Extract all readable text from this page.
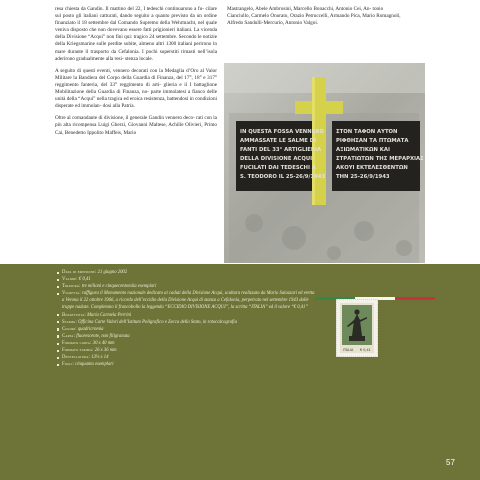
resa chiesta da Gandin. Il mattino del 22, I tedeschi continuarono a fu- cilare sul posto gli italiani catturati, dando seguito a quanto previsto da un ordine finanziato il 18 settembre dal Comando Supremo della Wehrmacht, nel quale veniva disposto che non dovevano essere fatti prigionieri italiani. La vicenda della Divisione “Acqui” non finì qui: tragico 24 settembre. Secondo le notizie della Kriegsmarine sulle perdite subite, almeno altri 1300 italiani perirono in mare durante il trasporto da Cefalonia. I pochi superstiti rimasti nell’isola aderirono gradualmente alla resi- stenza locale.

A seguito di questi eventi, vennero decorati con la Medaglia d’Oro al Valor Militare la Bandiera del Corpo della Guardia di Finanza, del 17°, 18° e 317° reggimento fanteria, del 33° reggimento di arti- glieria e il I battaglione Mobilitazione della Guardia di Finanza, no- parte immolatesi a fianco delle unità della “Acqui” nella tragica ed eroica resistenza, battendosi in condizioni disperate ed immolan- dosi alla Patria.

Oltre al comandante di divisione, il generale Gandin vennero deco- rati con la più alta ricompensa Luigi Gherzi, Giovanni Maltese, Achille Olivieri, Primo Cai, Benedetto Ippolito Maffeis, Mario

Mastrangelo, Abele Ambrosini, Marcello Bonacchi, Antonio Cei, An- tonio Cianciullo, Carmelo Onorato, Orazio Petruccelli, Armando Pica, Mario Romagnoli, Alfredo Sandulli-Mercurio, Antonio Valgoi.

IN QUESTA FOSSA VENNERO
AMMASSATE LE SALME DI
FANTI DEL 33° ARTIGLIERIA
DELLA DIVISIONE ACQUI
FUCILATI DAI TEDESCHI A
S. TEODORO IL 25-26/9/1943
ΣΤΟΝ ΤΑΦΟΝ ΑΥΤΟΝ
ΡΙΦΘΗΣΑΝ ΤΑ ΠΤΩΜΑΤΑ
ΑΞΙΩΜΑΤΙΚΩΝ ΚΑΙ
ΣΤΡΑΤΙΩΤΩΝ ΤΗΣ ΜΕΡΑΡΧΙΑΣ
ΑΚΟΥΙ ΕΚΤΕΛΕΣΘΕΝΤΩΝ
ΤΗΝ 25-26/9/1943
Data di emissione: 21 giugno 2002
Valore: € 0,41
Tiratura: tre milioni e cinquecentomila esemplari
Vignetta: raffigura il Monumento nazionale dedicato ai caduti della Divisione Acqui, scultura realizzata da Mario Salazzari ed eretta a Verona il 22 ottobre 1966, a ricordo dell’eccidio della Divisione Acqui di stanza a Cefalonia, perpetrato nel settembre 1943 dalle truppe naziste. Completano il francobollo la leggenda “ECCIDIO DIVISIONE ACQUI”, la scritta “ITALIA” ed il valore “€ 0,41”
Bozzettista: Maria Carmela Perrini
Stampa: Officina Carte Valori dell’Istituto Poligrafico e Zecca dello Stato, in rotocalcografia
Colori: quadricromia
Carta: fluorescente, non filigranata
Formato carta: 30 x 40 mm
Formato stampa: 26 x 36 mm
Dentellatura: 13¼ x 14
Fogli: cinquanta esemplari
ITALIA € 0,41
57
